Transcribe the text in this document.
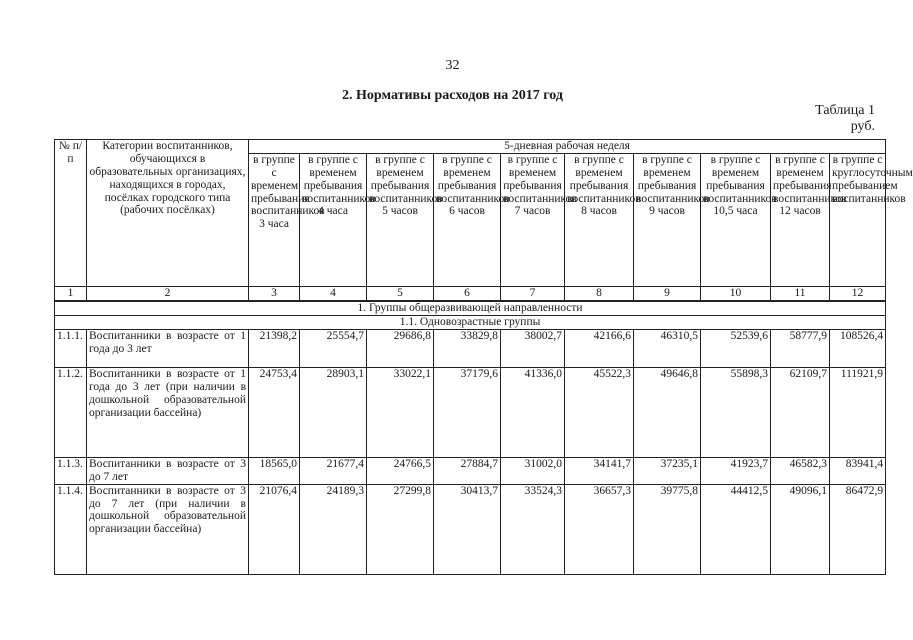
32
2. Нормативы расходов на 2017 год
Таблица 1
руб.
№ п/п	Категории воспитанников, обучающихся в образовательных организациях, находящихся в городах, посёлках городского типа (рабочих посёлках)	5-дневная рабочая неделя									
		в группе с временем пребывания воспитанников 3 часа	в группе с временем пребывания воспитанников 4 часа	в группе с временем пребывания воспитанников 5 часов	в группе с временем пребывания воспитанников 6 часов	в группе с временем пребывания воспитанников 7 часов	в группе с временем пребывания воспитанников 8 часов	в группе с временем пребывания воспитанников 9 часов	в группе с временем пребывания воспитанников 10,5 часа	в группе с временем пребывания воспитанников 12 часов	в группе с круглосуточным пребыванием воспитанников
1	2	3	4	5	6	7	8	9	10	11	12
1. Группы общеразвивающей направленности											
1.1. Одновозрастные группы											
1.1.1.	Воспитанники в возрасте от 1 года до 3 лет	21398,2	25554,7	29686,8	33829,8	38002,7	42166,6	46310,5	52539,6	58777,9	108526,4
1.1.2.	Воспитанники в возрасте от 1 года до 3 лет (при наличии в дошкольной образовательной организации бассейна)	24753,4	28903,1	33022,1	37179,6	41336,0	45522,3	49646,8	55898,3	62109,7	111921,9
1.1.3.	Воспитанники в возрасте от 3 до 7 лет	18565,0	21677,4	24766,5	27884,7	31002,0	34141,7	37235,1	41923,7	46582,3	83941,4
1.1.4.	Воспитанники в возрасте от 3 до 7 лет (при наличии в дошкольной образовательной организации бассейна)	21076,4	24189,3	27299,8	30413,7	33524,3	36657,3	39775,8	44412,5	49096,1	86472,9
